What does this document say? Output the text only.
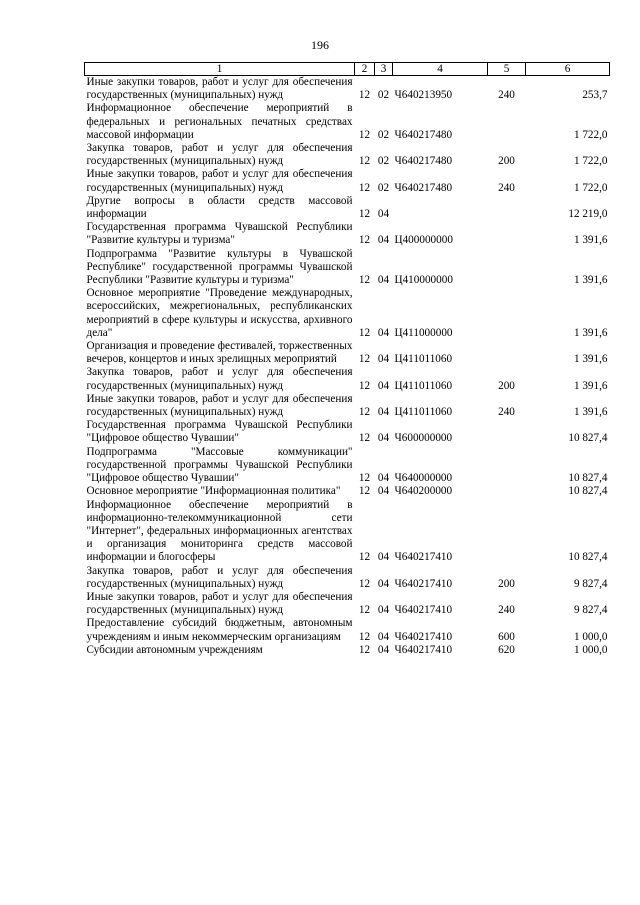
196
1	2	3	4	5	6
Иные закупки товаров, работ и услуг для обеспечения государственных (муниципальных) нужд	12	02	Ч640213950	240	253,7
Информационное обеспечение мероприятий в федеральных и региональных печатных средствах массовой информации	12	02	Ч640217480		1 722,0
Закупка товаров, работ и услуг для обеспечения государственных (муниципальных) нужд	12	02	Ч640217480	200	1 722,0
Иные закупки товаров, работ и услуг для обеспечения государственных (муниципальных) нужд	12	02	Ч640217480	240	1 722,0
Другие вопросы в области средств массовой информации	12	04			12 219,0
Государственная программа Чувашской Республики "Развитие культуры и туризма"	12	04	Ц400000000		1 391,6
Подпрограмма "Развитие культуры в Чувашской Республике" государственной программы Чувашской Республики "Развитие культуры и туризма"	12	04	Ц410000000		1 391,6
Основное мероприятие "Проведение международных, всероссийских, межрегиональных, республиканских мероприятий в сфере культуры и искусства, архивного дела"	12	04	Ц411000000		1 391,6
Организация и проведение фестивалей, торжественных вечеров, концертов и иных зрелищных мероприятий	12	04	Ц411011060		1 391,6
Закупка товаров, работ и услуг для обеспечения государственных (муниципальных) нужд	12	04	Ц411011060	200	1 391,6
Иные закупки товаров, работ и услуг для обеспечения государственных (муниципальных) нужд	12	04	Ц411011060	240	1 391,6
Государственная программа Чувашской Республики "Цифровое общество Чувашии"	12	04	Ч600000000		10 827,4
Подпрограмма "Массовые коммуникации" государственной программы Чувашской Республики "Цифровое общество Чувашии"	12	04	Ч640000000		10 827,4
Основное мероприятие "Информационная политика"	12	04	Ч640200000		10 827,4
Информационное обеспечение мероприятий в информационно-телекоммуникационной сети "Интернет", федеральных информационных агентствах и организация мониторинга средств массовой информации и блогосферы	12	04	Ч640217410		10 827,4
Закупка товаров, работ и услуг для обеспечения государственных (муниципальных) нужд	12	04	Ч640217410	200	9 827,4
Иные закупки товаров, работ и услуг для обеспечения государственных (муниципальных) нужд	12	04	Ч640217410	240	9 827,4
Предоставление субсидий бюджетным, автономным учреждениям и иным некоммерческим организациям	12	04	Ч640217410	600	1 000,0
Субсидии автономным учреждениям	12	04	Ч640217410	620	1 000,0
